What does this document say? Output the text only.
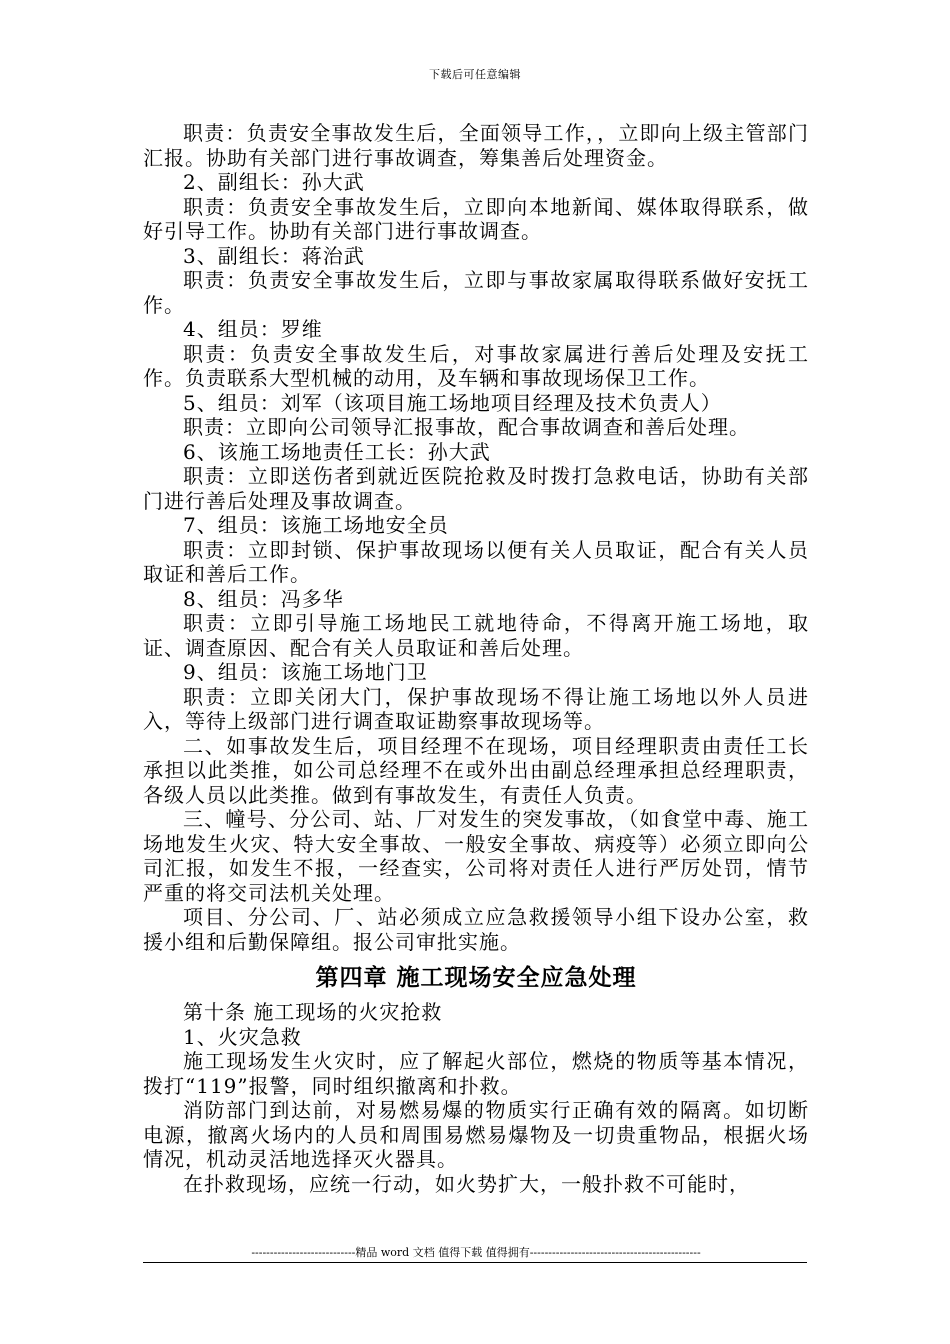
下载后可任意编辑

职责：负责安全事故发生后，全面领导工作，，立即向上级主管部门汇报。协助有关部门进行事故调查，筹集善后处理资金。

2、副组长：孙大武

职责：负责安全事故发生后，立即向本地新闻、媒体取得联系，做好引导工作。协助有关部门进行事故调查。

3、副组长：蒋治武

职责：负责安全事故发生后，立即与事故家属取得联系做好安抚工作。

4、组员：罗维

职责：负责安全事故发生后，对事故家属进行善后处理及安抚工作。负责联系大型机械的动用，及车辆和事故现场保卫工作。

5、组员：刘军（该项目施工场地项目经理及技术负责人）

职责：立即向公司领导汇报事故，配合事故调查和善后处理。

6、该施工场地责任工长：孙大武

职责：立即送伤者到就近医院抢救及时拨打急救电话，协助有关部门进行善后处理及事故调查。

7、组员：该施工场地安全员

职责：立即封锁、保护事故现场以便有关人员取证，配合有关人员取证和善后工作。

8、组员：冯多华

职责：立即引导施工场地民工就地待命，不得离开施工场地，取证、调查原因、配合有关人员取证和善后处理。

9、组员：该施工场地门卫

职责：立即关闭大门，保护事故现场不得让施工场地以外人员进入，等待上级部门进行调查取证勘察事故现场等。

二、如事故发生后，项目经理不在现场，项目经理职责由责任工长承担以此类推，如公司总经理不在或外出由副总经理承担总经理职责，各级人员以此类推。做到有事故发生，有责任人负责。

三、幢号、分公司、站、厂对发生的突发事故，（如食堂中毒、施工场地发生火灾、特大安全事故、一般安全事故、病疫等）必须立即向公司汇报，如发生不报，一经查实，公司将对责任人进行严厉处罚，情节严重的将交司法机关处理。

项目、分公司、厂、站必须成立应急救援领导小组下设办公室，救援小组和后勤保障组。报公司审批实施。

第四章 施工现场安全应急处理

第十条 施工现场的火灾抢救

1、火灾急救

施工现场发生火灾时，应了解起火部位，燃烧的物质等基本情况，拨打“119”报警，同时组织撤离和扑救。

消防部门到达前，对易燃易爆的物质实行正确有效的隔离。如切断电源，撤离火场内的人员和周围易燃易爆物及一切贵重物品，根据火场情况，机动灵活地选择灭火器具。

在扑救现场，应统一行动，如火势扩大，一般扑救不可能时，

----------------------------精品 word 文档 值得下载 值得拥有----------------------------------------------
